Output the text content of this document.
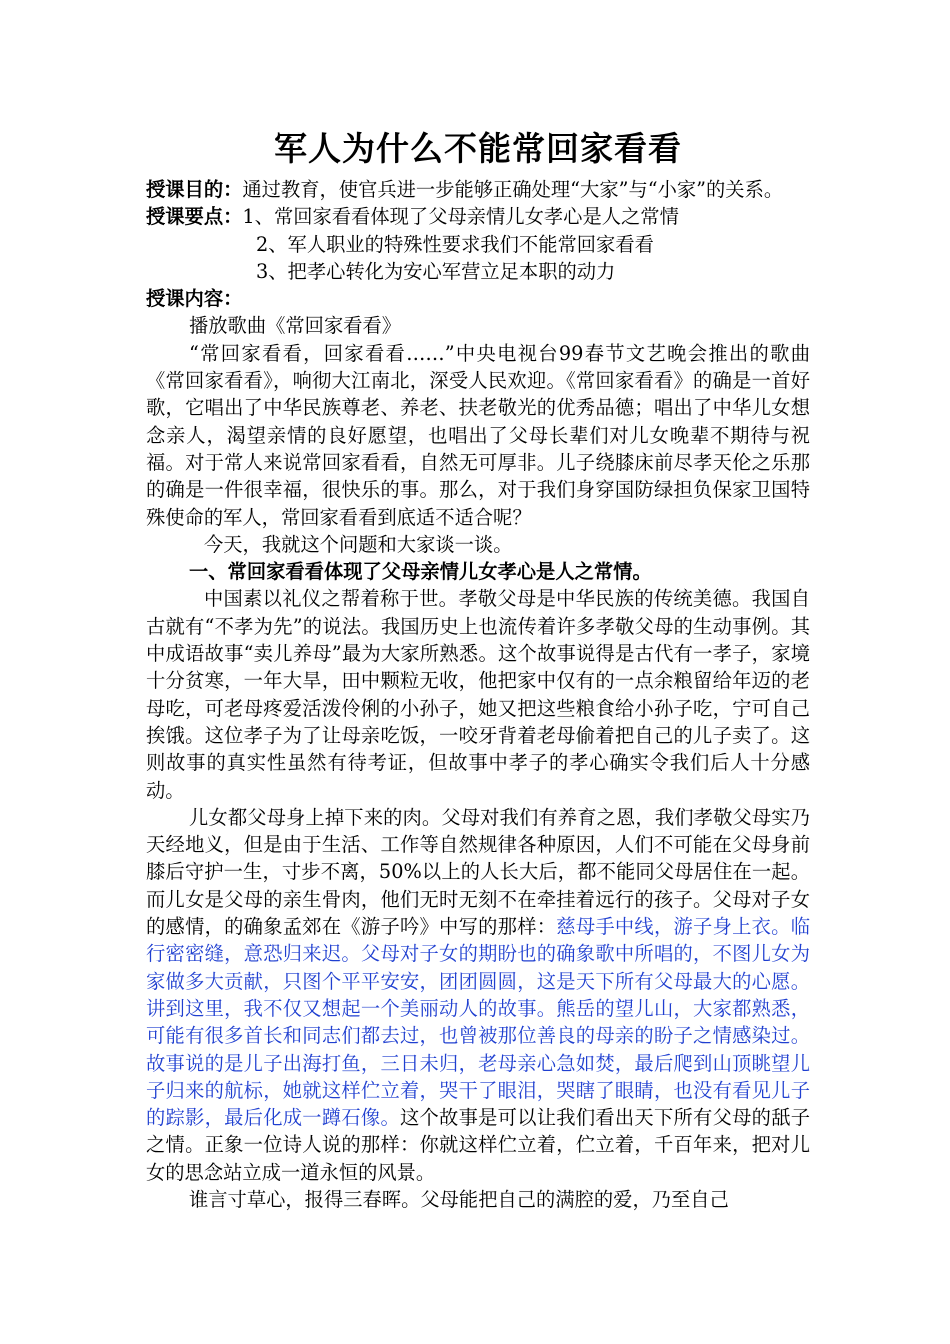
军人为什么不能常回家看看

授课目的：通过教育，使官兵进一步能够正确处理“大家”与“小家”的关系。

授课要点：1、常回家看看体现了父母亲情儿女孝心是人之常情

2、军人职业的特殊性要求我们不能常回家看看

3、把孝心转化为安心军营立足本职的动力

授课内容：

播放歌曲《常回家看看》

“常回家看看，回家看看……”中央电视台99春节文艺晚会推出的歌曲《常回家看看》，响彻大江南北，深受人民欢迎。《常回家看看》的确是一首好歌，它唱出了中华民族尊老、养老、扶老敬光的优秀品德；唱出了中华儿女想念亲人，渴望亲情的良好愿望，也唱出了父母长辈们对儿女晚辈不期待与祝福。对于常人来说常回家看看，自然无可厚非。儿子绕膝床前尽孝天伦之乐那的确是一件很幸福，很快乐的事。那么，对于我们身穿国防绿担负保家卫国特殊使命的军人，常回家看看到底适不适合呢？

今天，我就这个问题和大家谈一谈。

一、常回家看看体现了父母亲情儿女孝心是人之常情。

中国素以礼仪之帮着称于世。孝敬父母是中华民族的传统美德。我国自古就有“不孝为先”的说法。我国历史上也流传着许多孝敬父母的生动事例。其中成语故事“卖儿养母”最为大家所熟悉。这个故事说得是古代有一孝子，家境十分贫寒，一年大旱，田中颗粒无收，他把家中仅有的一点余粮留给年迈的老母吃，可老母疼爱活泼伶俐的小孙子，她又把这些粮食给小孙子吃，宁可自己挨饿。这位孝子为了让母亲吃饭，一咬牙背着老母偷着把自己的儿子卖了。这则故事的真实性虽然有待考证，但故事中孝子的孝心确实令我们后人十分感动。

儿女都父母身上掉下来的肉。父母对我们有养育之恩，我们孝敬父母实乃天经地义，但是由于生活、工作等自然规律各种原因，人们不可能在父母身前膝后守护一生，寸步不离，50%以上的人长大后，都不能同父母居住在一起。而儿女是父母的亲生骨肉，他们无时无刻不在牵挂着远行的孩子。父母对子女的感情，的确象孟郊在《游子吟》中写的那样：慈母手中线，游子身上衣。临行密密缝，意恐归来迟。父母对子女的期盼也的确象歌中所唱的，不图儿女为家做多大贡献，只图个平平安安，团团圆圆，这是天下所有父母最大的心愿。讲到这里，我不仅又想起一个美丽动人的故事。熊岳的望儿山，大家都熟悉，可能有很多首长和同志们都去过，也曾被那位善良的母亲的盼子之情感染过。故事说的是儿子出海打鱼，三日未归，老母亲心急如焚，最后爬到山顶眺望儿子归来的航标，她就这样伫立着，哭干了眼泪，哭瞎了眼睛，也没有看见儿子的踪影，最后化成一蹲石像。这个故事是可以让我们看出天下所有父母的舐子之情。正象一位诗人说的那样：你就这样伫立着，伫立着，千百年来，把对儿女的思念站立成一道永恒的风景。

谁言寸草心，报得三春晖。父母能把自己的满腔的爱，乃至自己
